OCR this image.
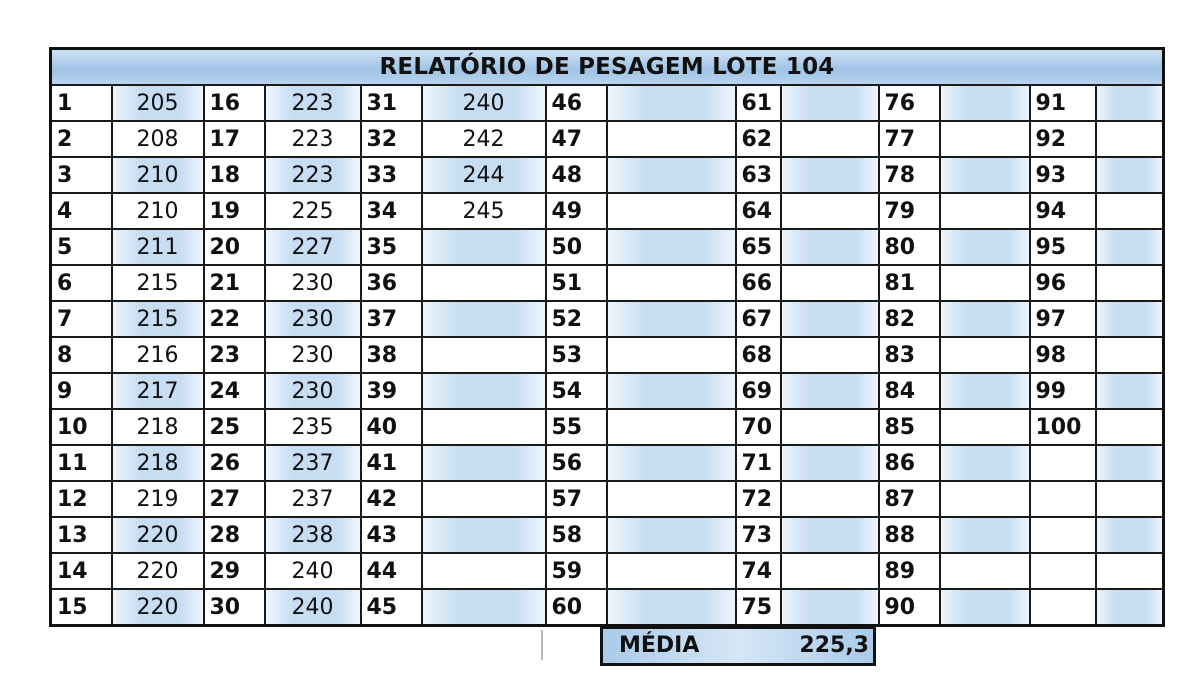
RELATÓRIO DE PESAGEM LOTE 104													
1	205	16	223	31	240	46		61		76		91	
2	208	17	223	32	242	47		62		77		92	
3	210	18	223	33	244	48		63		78		93	
4	210	19	225	34	245	49		64		79		94	
5	211	20	227	35		50		65		80		95	
6	215	21	230	36		51		66		81		96	
7	215	22	230	37		52		67		82		97	
8	216	23	230	38		53		68		83		98	
9	217	24	230	39		54		69		84		99	
10	218	25	235	40		55		70		85		100	
11	218	26	237	41		56		71		86			
12	219	27	237	42		57		72		87			
13	220	28	238	43		58		73		88			
14	220	29	240	44		59		74		89			
15	220	30	240	45		60		75		90			
MÉDIA	225,3
